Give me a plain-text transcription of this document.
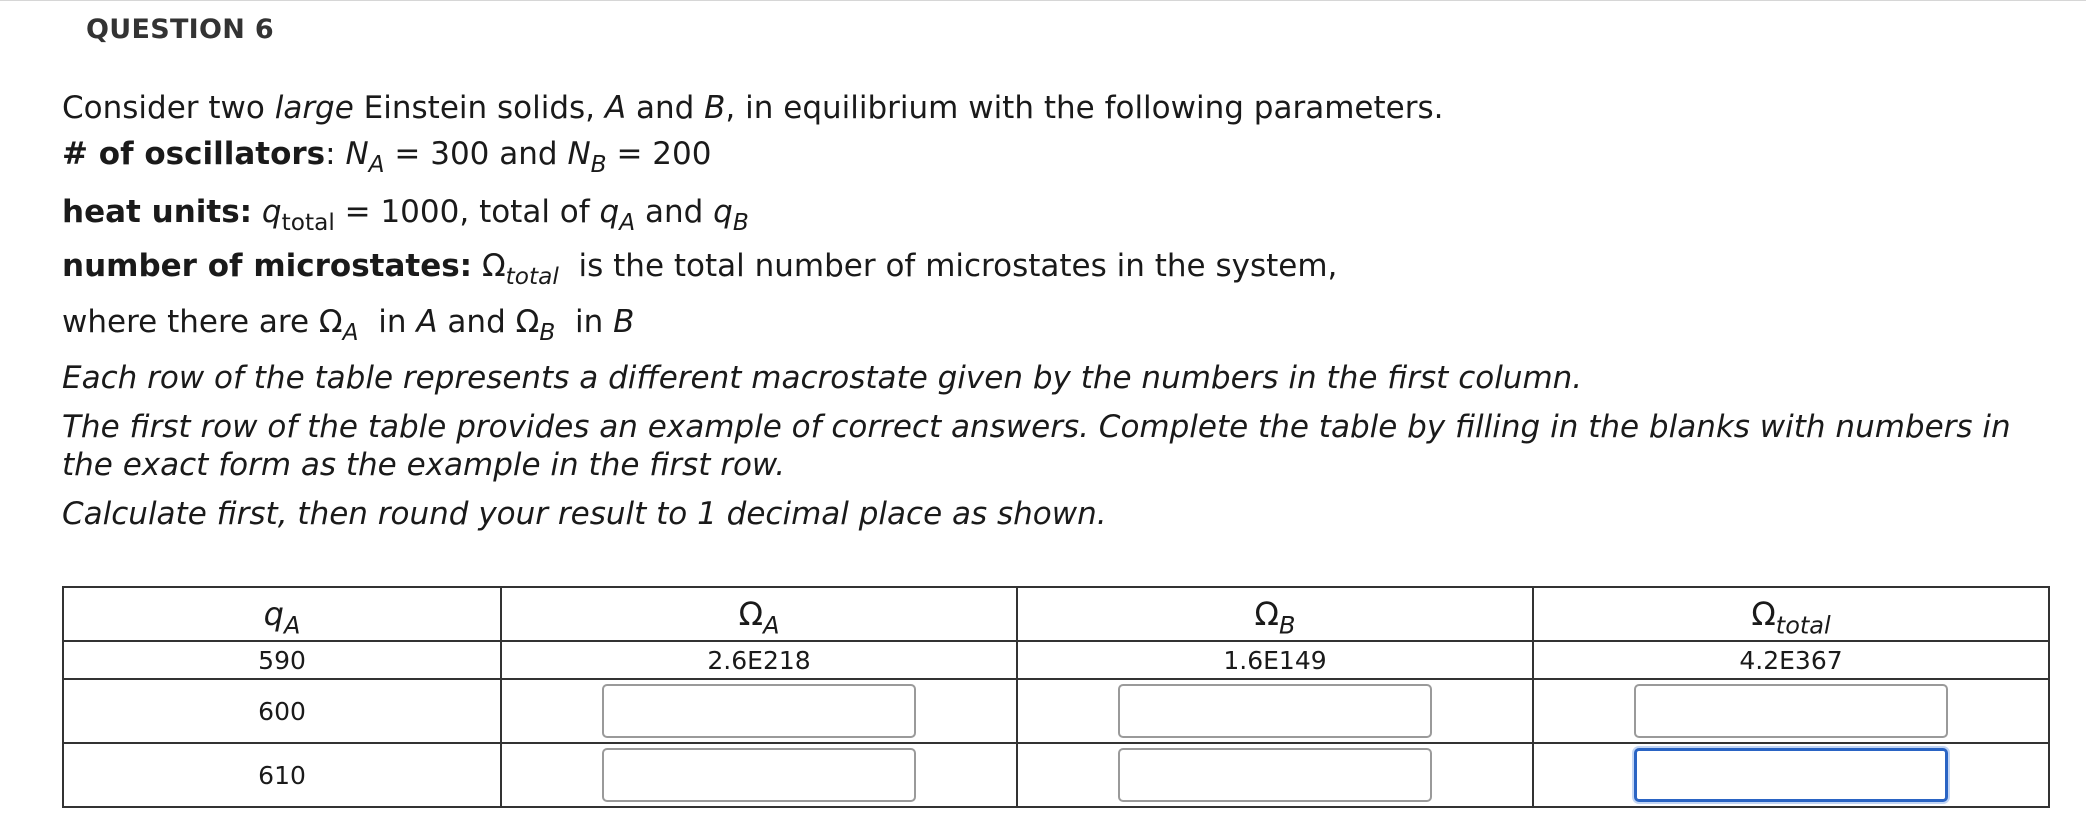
QUESTION 6
Consider two large Einstein solids, A and B, in equilibrium with the following parameters.
# of oscillators: $N_A = 300$ and $N_B = 200$
heat units: $q_{total} = 1000$, total of $q_A$ and $q_B$
number of microstates: $\Omega_{total}$  is the total number of microstates in the system,
where there are $\Omega_A$  in A and $\Omega_B$  in B
Each row of the table represents a different macrostate given by the numbers in the first column.
The first row of the table provides an example of correct answers. Complete the table by filling in the blanks with numbers in the exact form as the example in the first row.
Calculate first, then round your result to 1 decimal place as shown.
$q_A$	$\Omega_A$	$\Omega_B$	$\Omega_{total}$
590	2.6E218	1.6E149	4.2E367
600	

610	
